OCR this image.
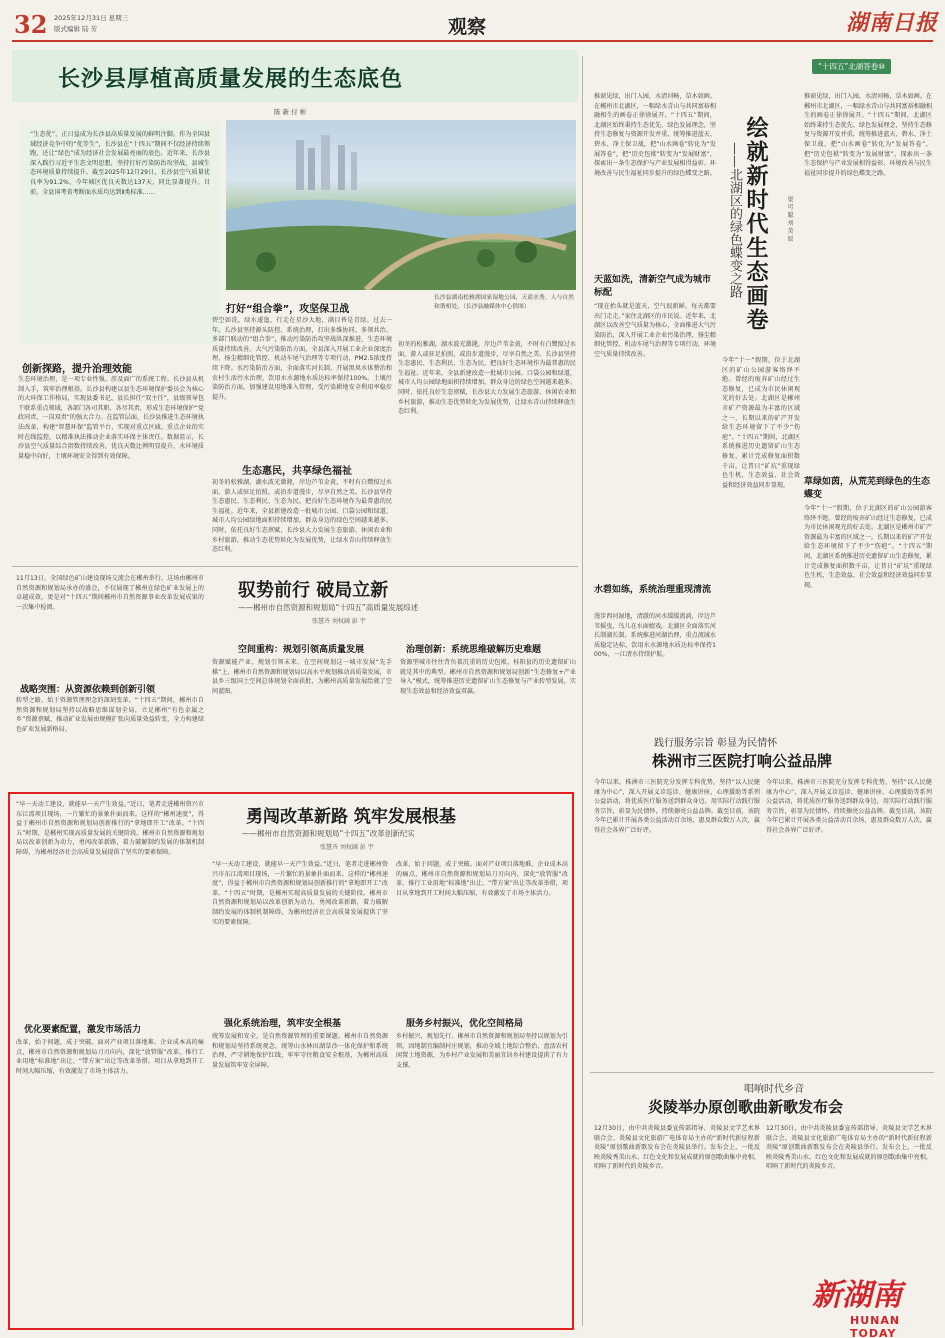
32 2025年12月31日 星期三
版式编辑 陆 芳	观察	湖南日报
长沙县厚植高质量发展的生态底色
陈 新 付 彬
“生态优”，正日益成为长沙县高质量发展的鲜明注脚。作为全国县域经济竞争中的“优等生”，长沙县在“十四五”期间不仅经济持续领跑，还让“绿色”成为经济社会发展最亮丽的底色。近年来，长沙县深入践行习近平生态文明思想，坚持打好污染防治攻坚战，县城生态环境质量持续提升。截至2025年12月29日，长沙县空气质量优良率为91.2%，今年城区优良天数达137天，同比显著提升。目前，全县国考省考断面水质均达到Ⅱ类标准……
长沙县湖南松雅湖国家湿地公园，天蓝水秀，人与自然和谐相处。（长沙县融媒体中心供图）
创新探路，提升治理效能
生态环境治理，是一项专业性强、涉及面广的系统工程。长沙县从机制入手，筑牢治理根基。长沙县构建以县生态环境保护委员会为核心的大环保工作格局，实现县委书记、县长担任“双主任”，县级领导包干联系重点领域，各部门各司其职、各尽其责，形成生态环境保护“党政同责、一岗双责”的强大合力。在监管层面，长沙县推进生态环境执法改革，构建“智慧环保”监管平台，实现对重点区域、重点企业的实时在线监控，以精准执法推动企业落实环保主体责任。数据显示，长沙县空气质量综合指数持续改善，优良天数比例明显提升，水环境质量稳中向好，土壤环境安全得到有效保障。
打好“组合拳”，攻坚保卫战
碧空如洗、绿水逶迤，行走在星沙大地，满目皆是青绿。过去一年，长沙县坚持源头防控、系统治理，打出多维协同、多领共治、多部门联动的“组合拳”，推动污染防治攻坚战纵深推进，生态环境质量持续改善。大气污染防治方面，全县深入开展工业企业深度治理、扬尘精细化管控、机动车尾气治理等专项行动，PM2.5浓度持续下降。水污染防治方面，全面落实河长制，开展黑臭水体整治和农村生活污水治理，饮用水水源地水质达标率保持100%。土壤污染防治方面，加强建设用地准入管理，受污染耕地安全利用率稳步提升。
生态惠民，共享绿色福祉
初冬的松雅湖，湖水波光潋滟，岸边芦苇金黄，不时有白鹭掠过水面，游人或驻足拍照，或沿步道漫步，尽享自然之美。长沙县坚持生态惠民、生态利民、生态为民，把良好生态环境作为最普惠的民生福祉。近年来，全县新建改造一批城市公园、口袋公园和绿道，城市人均公园绿地面积持续增加，群众身边的绿色空间越来越多。同时，依托良好生态禀赋，长沙县大力发展生态旅游、休闲农业和乡村旅游，推动生态优势转化为发展优势，让绿水青山持续释放生态红利。
初冬的松雅湖，湖水波光潋滟，岸边芦苇金黄，不时有白鹭掠过水面，游人或驻足拍照，或沿步道漫步，尽享自然之美。长沙县坚持生态惠民、生态利民、生态为民，把良好生态环境作为最普惠的民生福祉。近年来，全县新建改造一批城市公园、口袋公园和绿道，城市人均公园绿地面积持续增加，群众身边的绿色空间越来越多。同时，依托良好生态禀赋，长沙县大力发展生态旅游、休闲农业和乡村旅游，推动生态优势转化为发展优势，让绿水青山持续释放生态红利。
“十四五”北湖答卷⑩
绘就新时代生态画卷
——北湖区的绿色蝶变之路	梁 可 聪 刘 美 辰
推窗见绿，出门入园，水清河畅，草木如画。在郴州市北湖区，一幅绿水青山与共同富裕相融相生的画卷正徐徐展开。“十四五”期间，北湖区始终秉持生态优先、绿色发展理念，坚持生态修复与资源开发并重，统筹推进蓝天、碧水、净土保卫战，把“山水画卷”转化为“发展答卷”，把“历史包袱”转变为“发展财富”，探索出一条生态保护与产业发展相得益彰、环境改善与民生福祉同步提升的绿色蝶变之路。
天蓝如洗，清新空气成为城市标配
“现在抬头就是蓝天，空气很新鲜，每天都要出门走走。”家住北湖区的市民说。近年来，北湖区以改善空气质量为核心，全面推进大气污染防治，深入开展工业企业污染治理、扬尘精细化管控、机动车尾气治理等专项行动，环境空气质量持续改善。
水碧如练，系统治理重现清流
漫步西河湿地，清澈的河水缓缓流淌，岸边芦苇摇曳，鸟儿在水面嬉戏。北湖区全面落实河长制湖长制，系统推进河湖治理，重点流域水质稳定达标，饮用水水源地水质达标率保持100%，一江清水持续护航。
推窗见绿，出门入园，水清河畅，草木如画。在郴州市北湖区，一幅绿水青山与共同富裕相融相生的画卷正徐徐展开。“十四五”期间，北湖区始终秉持生态优先、绿色发展理念，坚持生态修复与资源开发并重，统筹推进蓝天、碧水、净土保卫战，把“山水画卷”转化为“发展答卷”，把“历史包袱”转变为“发展财富”，探索出一条生态保护与产业发展相得益彰、环境改善与民生福祉同步提升的绿色蝶变之路。
草绿如茵，从荒芜到绿色的生态蝶变
今年“十一”假期，位于北湖区的矿山公园游客络绎不绝。曾经的废弃矿山经过生态修复，已成为市民休闲观光的好去处。北湖区是郴州市矿产资源最为丰富的区域之一，长期以来的矿产开发给生态环境留下了不少“伤疤”。“十四五”期间，北湖区系统推进历史遗留矿山生态修复，累计完成修复面积数千亩，让昔日“矿坑”重现绿色生机，生态效益、社会效益和经济效益同步显现。
今年“十一”假期，位于北湖区的矿山公园游客络绎不绝。曾经的废弃矿山经过生态修复，已成为市民休闲观光的好去处。北湖区是郴州市矿产资源最为丰富的区域之一，长期以来的矿产开发给生态环境留下了不少“伤疤”。“十四五”期间，北湖区系统推进历史遗留矿山生态修复，累计完成修复面积数千亩，让昔日“矿坑”重现绿色生机，生态效益、社会效益和经济效益同步显现。
驭势前行 破局立新
——郴州市自然资源和规划局“十四五”高质量发展综述
张慧齐 刘权阔 彭 宇
11月13日，全国绿色矿山建设现场交流会在郴州举行。这场由郴州市自然资源和规划局承办的盛会，不仅展现了郴州在绿色矿业发展上的卓越成效，更是对“十四五”期间郴州市自然资源事业改革发展成果的一次集中检阅。
战略突围：从资源依赖到创新引领
转型之路，始于资源管理理念的深刻变革。“十四五”期间，郴州市自然资源和规划局坚持以战略思维谋划全局，立足郴州“有色金属之乡”资源禀赋，推动矿业发展由规模扩张向质量效益转变，全力构建绿色矿业发展新格局。
空间重构：规划引领高质量发展
资源赋能产业，规划引领未来。在空间规划这一城市发展“先手棋”上，郴州市自然资源和规划局以高水平规划推动高质量发展，市县乡三级国土空间总体规划全面获批，为郴州高质量发展绘就了空间蓝图。
治理创新：系统思维破解历史难题
资源型城市往往背负着沉重的历史包袱，桂阳县的历史遗留矿山就是其中的典型。郴州市自然资源和规划局创新“生态修复+产业导入”模式，统筹推进历史遗留矿山生态修复与产业转型发展，实现生态效益和经济效益双赢。
践行服务宗旨 彰显为民情怀
株洲市三医院打响公益品牌
今年以来，株洲市三医院充分发挥专科优势，坚持“以人民健康为中心”，深入开展义诊巡诊、健康讲座、心理援助等系列公益活动，将优质医疗服务送到群众身边，用实际行动践行服务宗旨，彰显为民情怀，持续擦亮公益品牌。截至目前，该院今年已累计开展各类公益活动百余场，惠及群众数万人次，赢得社会各界广泛好评。
今年以来，株洲市三医院充分发挥专科优势，坚持“以人民健康为中心”，深入开展义诊巡诊、健康讲座、心理援助等系列公益活动，将优质医疗服务送到群众身边，用实际行动践行服务宗旨，彰显为民情怀，持续擦亮公益品牌。截至目前，该院今年已累计开展各类公益活动百余场，惠及群众数万人次，赢得社会各界广泛好评。
唱响时代乡音
炎陵举办原创歌曲新歌发布会
12月30日，由中共炎陵县委宣传部指导、炎陵县文学艺术界联合会、炎陵县文化旅游广电体育局主办的“新时代新征程新炎陵”原创歌曲新歌发布会在炎陵县举行。发布会上，一批反映炎陵秀美山水、红色文化和发展成就的原创歌曲集中亮相，唱响了新时代的炎陵乡音。
12月30日，由中共炎陵县委宣传部指导、炎陵县文学艺术界联合会、炎陵县文化旅游广电体育局主办的“新时代新征程新炎陵”原创歌曲新歌发布会在炎陵县举行。发布会上，一批反映炎陵秀美山水、红色文化和发展成就的原创歌曲集中亮相，唱响了新时代的炎陵乡音。
勇闯改革新路 筑牢发展根基
——郴州市自然资源和规划局“十四五”改革创新纪实
张慧齐 刘权阔 彭 宇
“早一天动工建设，就能早一天产生效益。”近日，笔者走进郴州资兴市东江湾项目现场，一片繁忙的景象扑面而来。这样的“郴州速度”，得益于郴州市自然资源和规划局创新推行的“拿地即开工”改革。“十四五”时期，是郴州实现高质量发展的关键阶段。郴州市自然资源和规划局以改革创新为动力，勇闯改革新路，着力破解制约发展的体制机制障碍，为郴州经济社会高质量发展提供了坚实的要素保障。
优化要素配置，激发市场活力
改革，始于问题，成于突破。面对产业项目落地难、企业成本高的痛点，郴州市自然资源和规划局刀刃向内，深化“放管服”改革，推行工业用地“标准地”出让、“带方案”出让等改革举措，项目从拿地到开工时间大幅压缩，有效激发了市场主体活力。
“早一天动工建设，就能早一天产生效益。”近日，笔者走进郴州资兴市东江湾项目现场，一片繁忙的景象扑面而来。这样的“郴州速度”，得益于郴州市自然资源和规划局创新推行的“拿地即开工”改革。“十四五”时期，是郴州实现高质量发展的关键阶段。郴州市自然资源和规划局以改革创新为动力，勇闯改革新路，着力破解制约发展的体制机制障碍，为郴州经济社会高质量发展提供了坚实的要素保障。
强化系统治理，筑牢安全根基
统筹发展和安全，是自然资源管理的重要课题。郴州市自然资源和规划局坚持系统观念，统筹山水林田湖草沙一体化保护和系统治理，严守耕地保护红线，牢牢守住粮食安全根基，为郴州高质量发展筑牢安全屏障。
改革，始于问题，成于突破。面对产业项目落地难、企业成本高的痛点，郴州市自然资源和规划局刀刃向内，深化“放管服”改革，推行工业用地“标准地”出让、“带方案”出让等改革举措，项目从拿地到开工时间大幅压缩，有效激发了市场主体活力。
服务乡村振兴，优化空间格局
乡村振兴，规划先行。郴州市自然资源和规划局坚持以规划为引领，因地制宜编制村庄规划，推动全域土地综合整治，盘活农村闲置土地资源，为乡村产业发展和美丽宜居乡村建设提供了有力支撑。
新湖南
HUNAN TODAY
